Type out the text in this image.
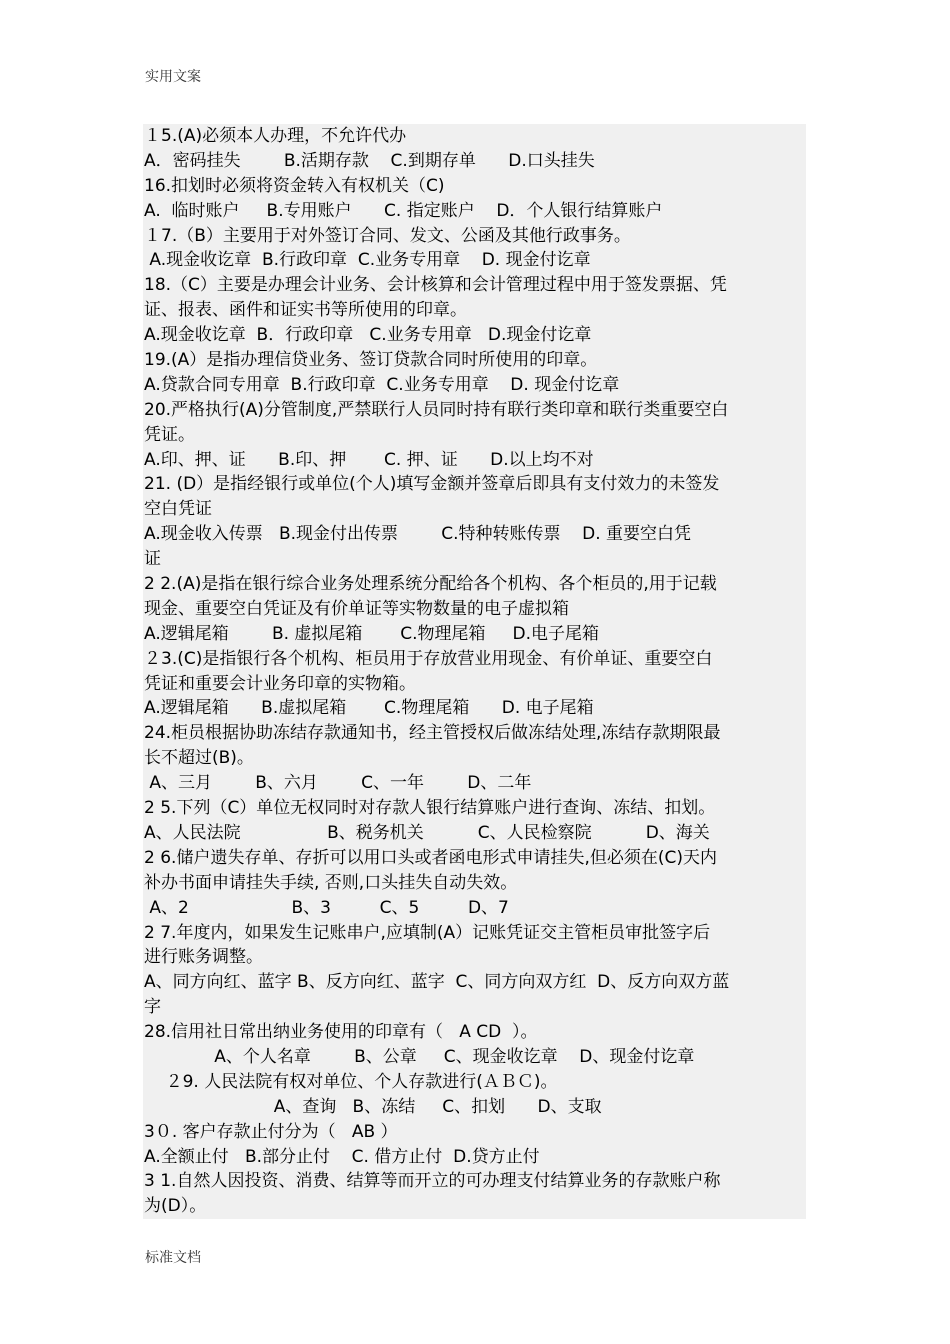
实用文案
１5.(A)必须本人办理，不允许代办
A．密码挂失        B.活期存款    C.到期存单      D.口头挂失
16.扣划时必须将资金转入有权机关（C)
A.  临时账户     B.专用账户      C. 指定账户    D．个人银行结算账户
１7.（B）主要用于对外签订合同、发文、公函及其他行政事务。
A.现金收讫章  B.行政印章  C.业务专用章    D. 现金付讫章
18.（C）主要是办理会计业务、会计核算和会计管理过程中用于签发票据、凭
证、报表、函件和证实书等所使用的印章。
A.现金收讫章  B．行政印章   C.业务专用章   D.现金付讫章
19.(A）是指办理信贷业务、签订贷款合同时所使用的印章。
A.贷款合同专用章  B.行政印章  C.业务专用章    D. 现金付讫章
20.严格执行(A)分管制度,严禁联行人员同时持有联行类印章和联行类重要空白
凭证。
A.印、押、证      B.印、押       C. 押、证      D.以上均不对
21. (D）是指经银行或单位(个人)填写金额并签章后即具有支付效力的未签发
空白凭证
A.现金收入传票   B.现金付出传票        C.特种转账传票    D. 重要空白凭
证
2 2.(A)是指在银行综合业务处理系统分配给各个机构、各个柜员的,用于记载
现金、重要空白凭证及有价单证等实物数量的电子虚拟箱
A.逻辑尾箱        B. 虚拟尾箱       C.物理尾箱     D.电子尾箱
２3.(C)是指银行各个机构、柜员用于存放营业用现金、有价单证、重要空白
凭证和重要会计业务印章的实物箱。
A.逻辑尾箱      B.虚拟尾箱       C.物理尾箱      D. 电子尾箱
24.柜员根据协助冻结存款通知书，经主管授权后做冻结处理,冻结存款期限最
长不超过(B)。
A、三月        B、六月        C、一年        D、二年
2 5.下列（C）单位无权同时对存款人银行结算账户进行查询、冻结、扣划。
A、人民法院                B、税务机关          C、人民检察院          D、海关
2 6.储户遗失存单、存折可以用口头或者函电形式申请挂失,但必须在(C)天内
补办书面申请挂失手续, 否则,口头挂失自动失效。
A、2                   B、3         C、5         D、7
2 7.年度内，如果发生记账串户,应填制(A）记账凭证交主管柜员审批签字后
进行账务调整。
A、同方向红、蓝字 B、反方向红、蓝字  C、同方向双方红  D、反方向双方蓝
字
28.信用社日常出纳业务使用的印章有（   A CD  ）。
A、个人名章        B、公章     C、现金收讫章    D、现金付讫章
２9. 人民法院有权对单位、个人存款进行(ＡＢＣ)。
A、查询   B、冻结     C、扣划      D、支取
3０. 客户存款止付分为（   AB ）
A.全额止付   B.部分止付    C. 借方止付  D.贷方止付
3 1.自然人因投资、消费、结算等而开立的可办理支付结算业务的存款账户称
为(D）。
标准文档
